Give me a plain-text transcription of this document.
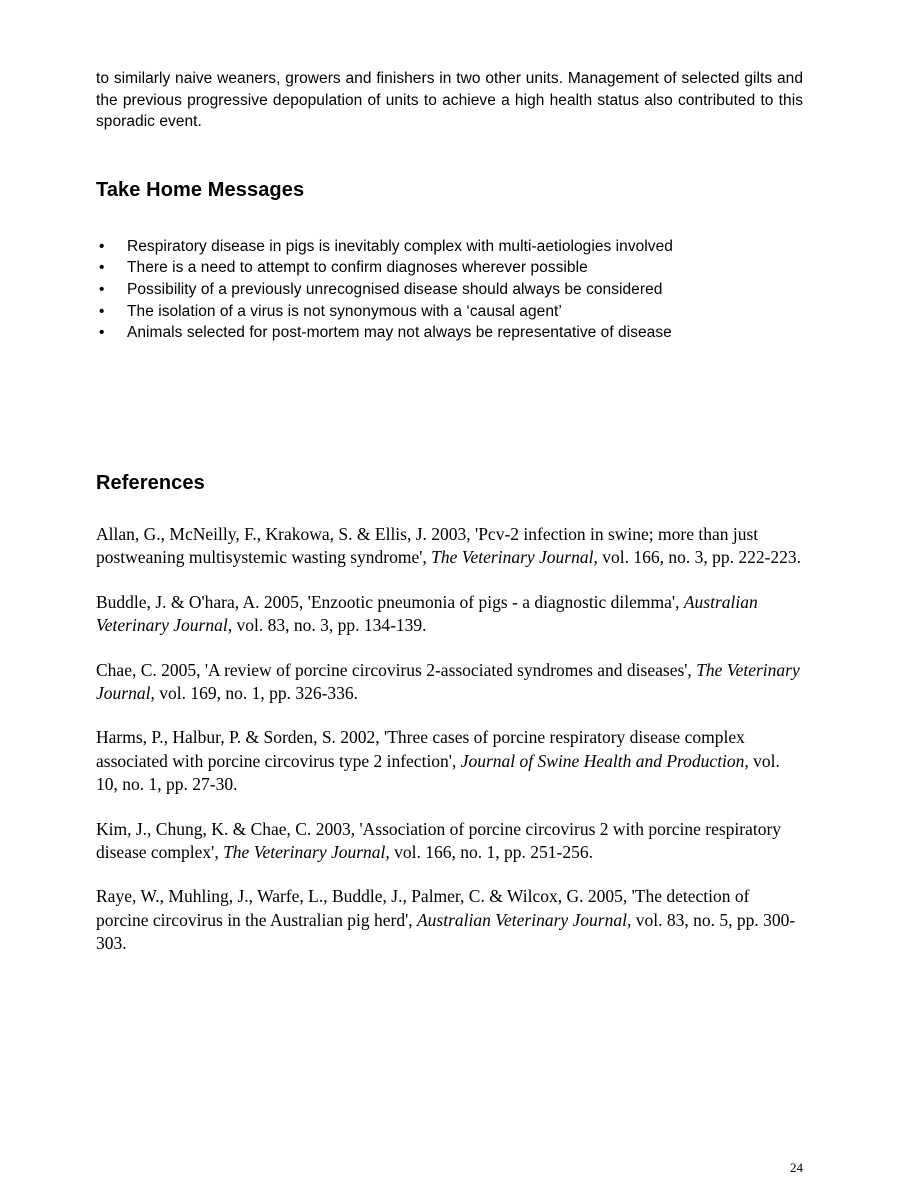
to similarly naive weaners, growers and finishers in two other units. Management of selected gilts and the previous progressive depopulation of units to achieve a high health status also contributed to this sporadic event.

Take Home Messages
• Respiratory disease in pigs is inevitably complex with multi-aetiologies involved
• There is a need to attempt to confirm diagnoses wherever possible
• Possibility of a previously unrecognised disease should always be considered
• The isolation of a virus is not synonymous with a ‘causal agent’
• Animals selected for post-mortem may not always be representative of disease
References

Allan, G., McNeilly, F., Krakowa, S. & Ellis, J. 2003, 'Pcv-2 infection in swine; more than just postweaning multisystemic wasting syndrome', The Veterinary Journal, vol. 166, no. 3, pp. 222-223.

Buddle, J. & O'hara, A. 2005, 'Enzootic pneumonia of pigs - a diagnostic dilemma', Australian Veterinary Journal, vol. 83, no. 3, pp. 134-139.

Chae, C. 2005, 'A review of porcine circovirus 2-associated syndromes and diseases', The Veterinary Journal, vol. 169, no. 1, pp. 326-336.

Harms, P., Halbur, P. & Sorden, S. 2002, 'Three cases of porcine respiratory disease complex associated with porcine circovirus type 2 infection', Journal of Swine Health and Production, vol. 10, no. 1, pp. 27-30.

Kim, J., Chung, K. & Chae, C. 2003, 'Association of porcine circovirus 2 with porcine respiratory disease complex', The Veterinary Journal, vol. 166, no. 1, pp. 251-256.

Raye, W., Muhling, J., Warfe, L., Buddle, J., Palmer, C. & Wilcox, G. 2005, 'The detection of porcine circovirus in the Australian pig herd', Australian Veterinary Journal, vol. 83, no. 5, pp. 300-303.

24
